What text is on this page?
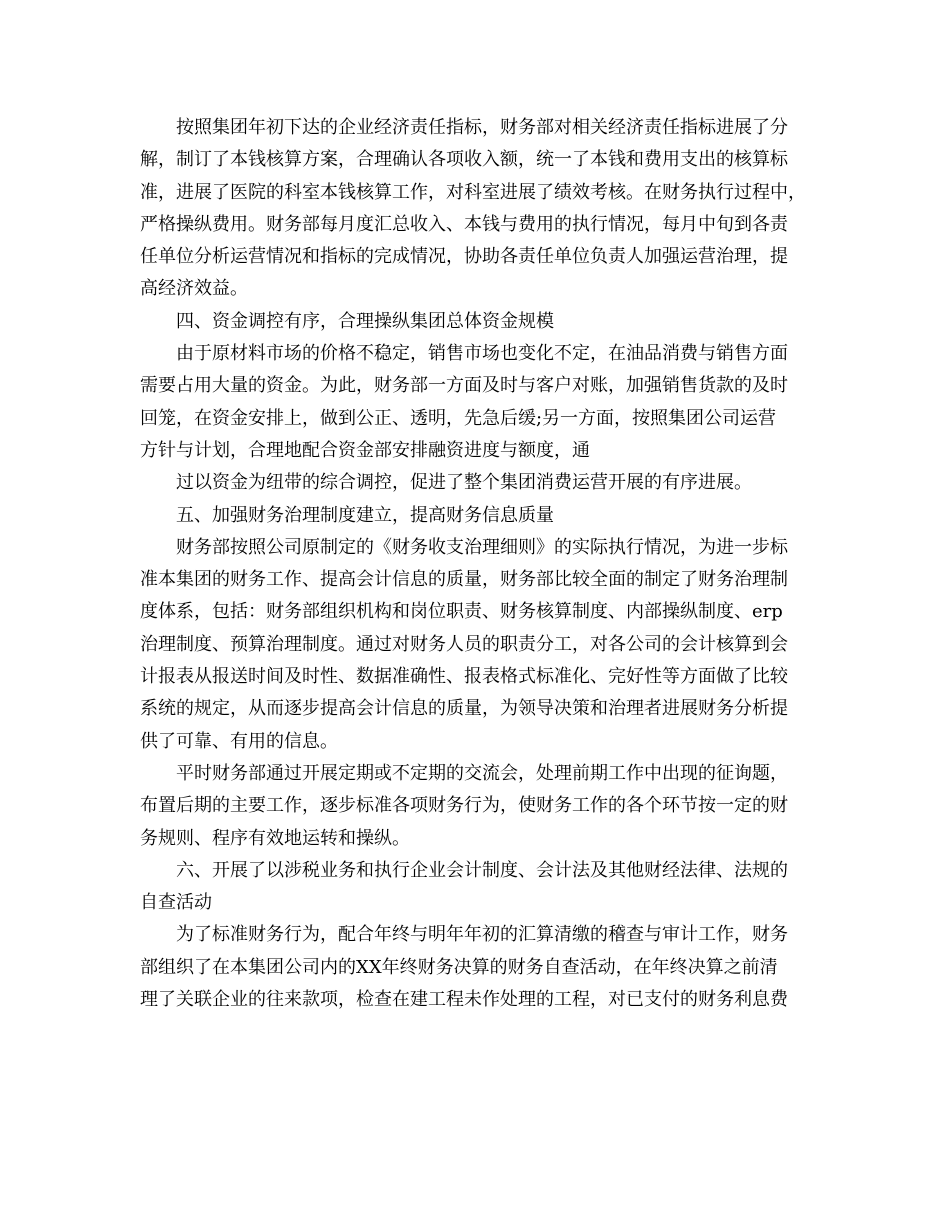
按照集团年初下达的企业经济责任指标，财务部对相关经济责任指标进展了分
解，制订了本钱核算方案，合理确认各项收入额，统一了本钱和费用支出的核算标
准，进展了医院的科室本钱核算工作，对科室进展了绩效考核。在财务执行过程中，
严格操纵费用。财务部每月度汇总收入、本钱与费用的执行情况，每月中旬到各责
任单位分析运营情况和指标的完成情况，协助各责任单位负责人加强运营治理，提
高经济效益。
四、资金调控有序，合理操纵集团总体资金规模
由于原材料市场的价格不稳定，销售市场也变化不定，在油品消费与销售方面
需要占用大量的资金。为此，财务部一方面及时与客户对账，加强销售货款的及时
回笼，在资金安排上，做到公正、透明，先急后缓;另一方面，按照集团公司运营
方针与计划，合理地配合资金部安排融资进度与额度，通
过以资金为纽带的综合调控，促进了整个集团消费运营开展的有序进展。
五、加强财务治理制度建立，提高财务信息质量
财务部按照公司原制定的《财务收支治理细则》的实际执行情况，为进一步标
准本集团的财务工作、提高会计信息的质量，财务部比较全面的制定了财务治理制
度体系，包括：财务部组织机构和岗位职责、财务核算制度、内部操纵制度、erp
治理制度、预算治理制度。通过对财务人员的职责分工，对各公司的会计核算到会
计报表从报送时间及时性、数据准确性、报表格式标准化、完好性等方面做了比较
系统的规定，从而逐步提高会计信息的质量，为领导决策和治理者进展财务分析提
供了可靠、有用的信息。
平时财务部通过开展定期或不定期的交流会，处理前期工作中出现的征询题，
布置后期的主要工作，逐步标准各项财务行为，使财务工作的各个环节按一定的财
务规则、程序有效地运转和操纵。
六、开展了以涉税业务和执行企业会计制度、会计法及其他财经法律、法规的
自查活动
为了标准财务行为，配合年终与明年年初的汇算清缴的稽查与审计工作，财务
部组织了在本集团公司内的XX年终财务决算的财务自查活动，在年终决算之前清
理了关联企业的往来款项，检查在建工程未作处理的工程，对已支付的财务利息费
